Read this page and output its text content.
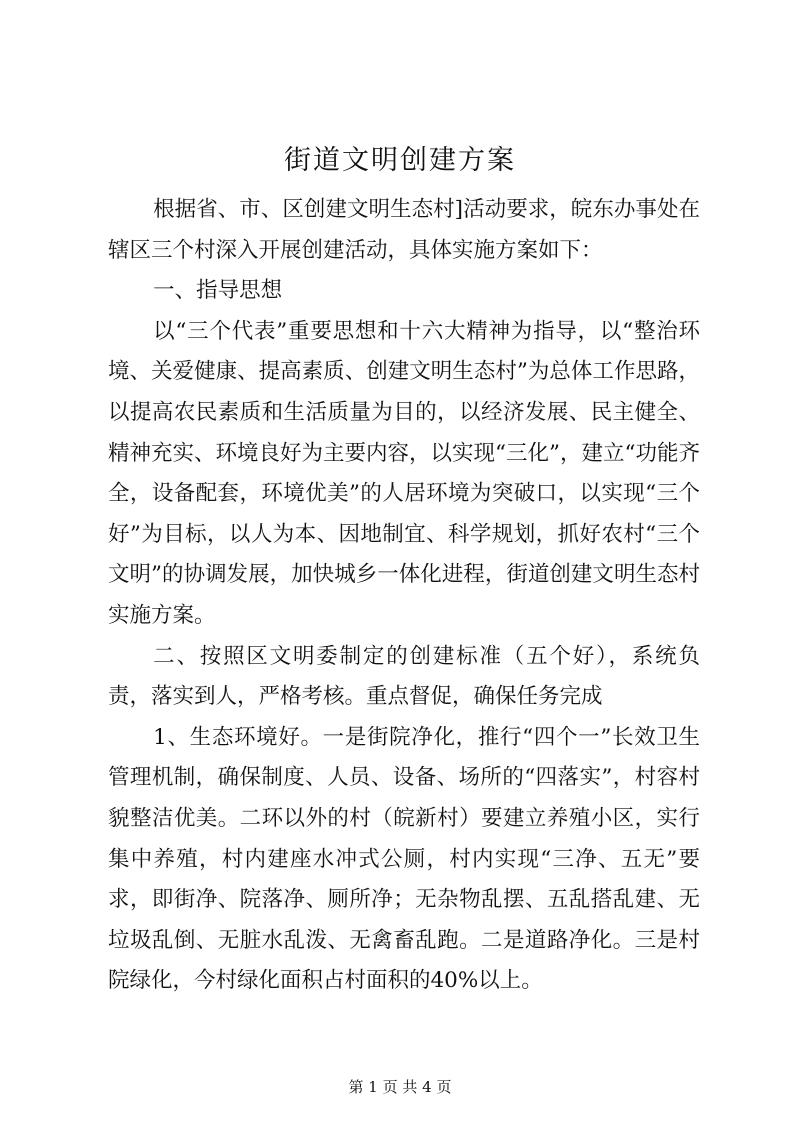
街道文明创建方案

根据省、市、区创建文明生态村]活动要求，皖东办事处在辖区三个村深入开展创建活动，具体实施方案如下：

一、指导思想

以“三个代表”重要思想和十六大精神为指导，以“整治环境、关爱健康、提高素质、创建文明生态村”为总体工作思路，以提高农民素质和生活质量为目的，以经济发展、民主健全、精神充实、环境良好为主要内容，以实现“三化”，建立“功能齐全，设备配套，环境优美”的人居环境为突破口，以实现“三个好”为目标，以人为本、因地制宜、科学规划，抓好农村“三个文明”的协调发展，加快城乡一体化进程，街道创建文明生态村实施方案。

二、按照区文明委制定的创建标准（五个好），系统负责，落实到人，严格考核。重点督促，确保任务完成

1、生态环境好。一是街院净化，推行“四个一”长效卫生管理机制，确保制度、人员、设备、场所的“四落实”，村容村貌整洁优美。二环以外的村（皖新村）要建立养殖小区，实行集中养殖，村内建座水冲式公厕，村内实现“三净、五无”要求，即街净、院落净、厕所净；无杂物乱摆、五乱搭乱建、无垃圾乱倒、无脏水乱泼、无禽畜乱跑。二是道路净化。三是村院绿化，今村绿化面积占村面积的40%以上。

第 1 页 共 4 页
